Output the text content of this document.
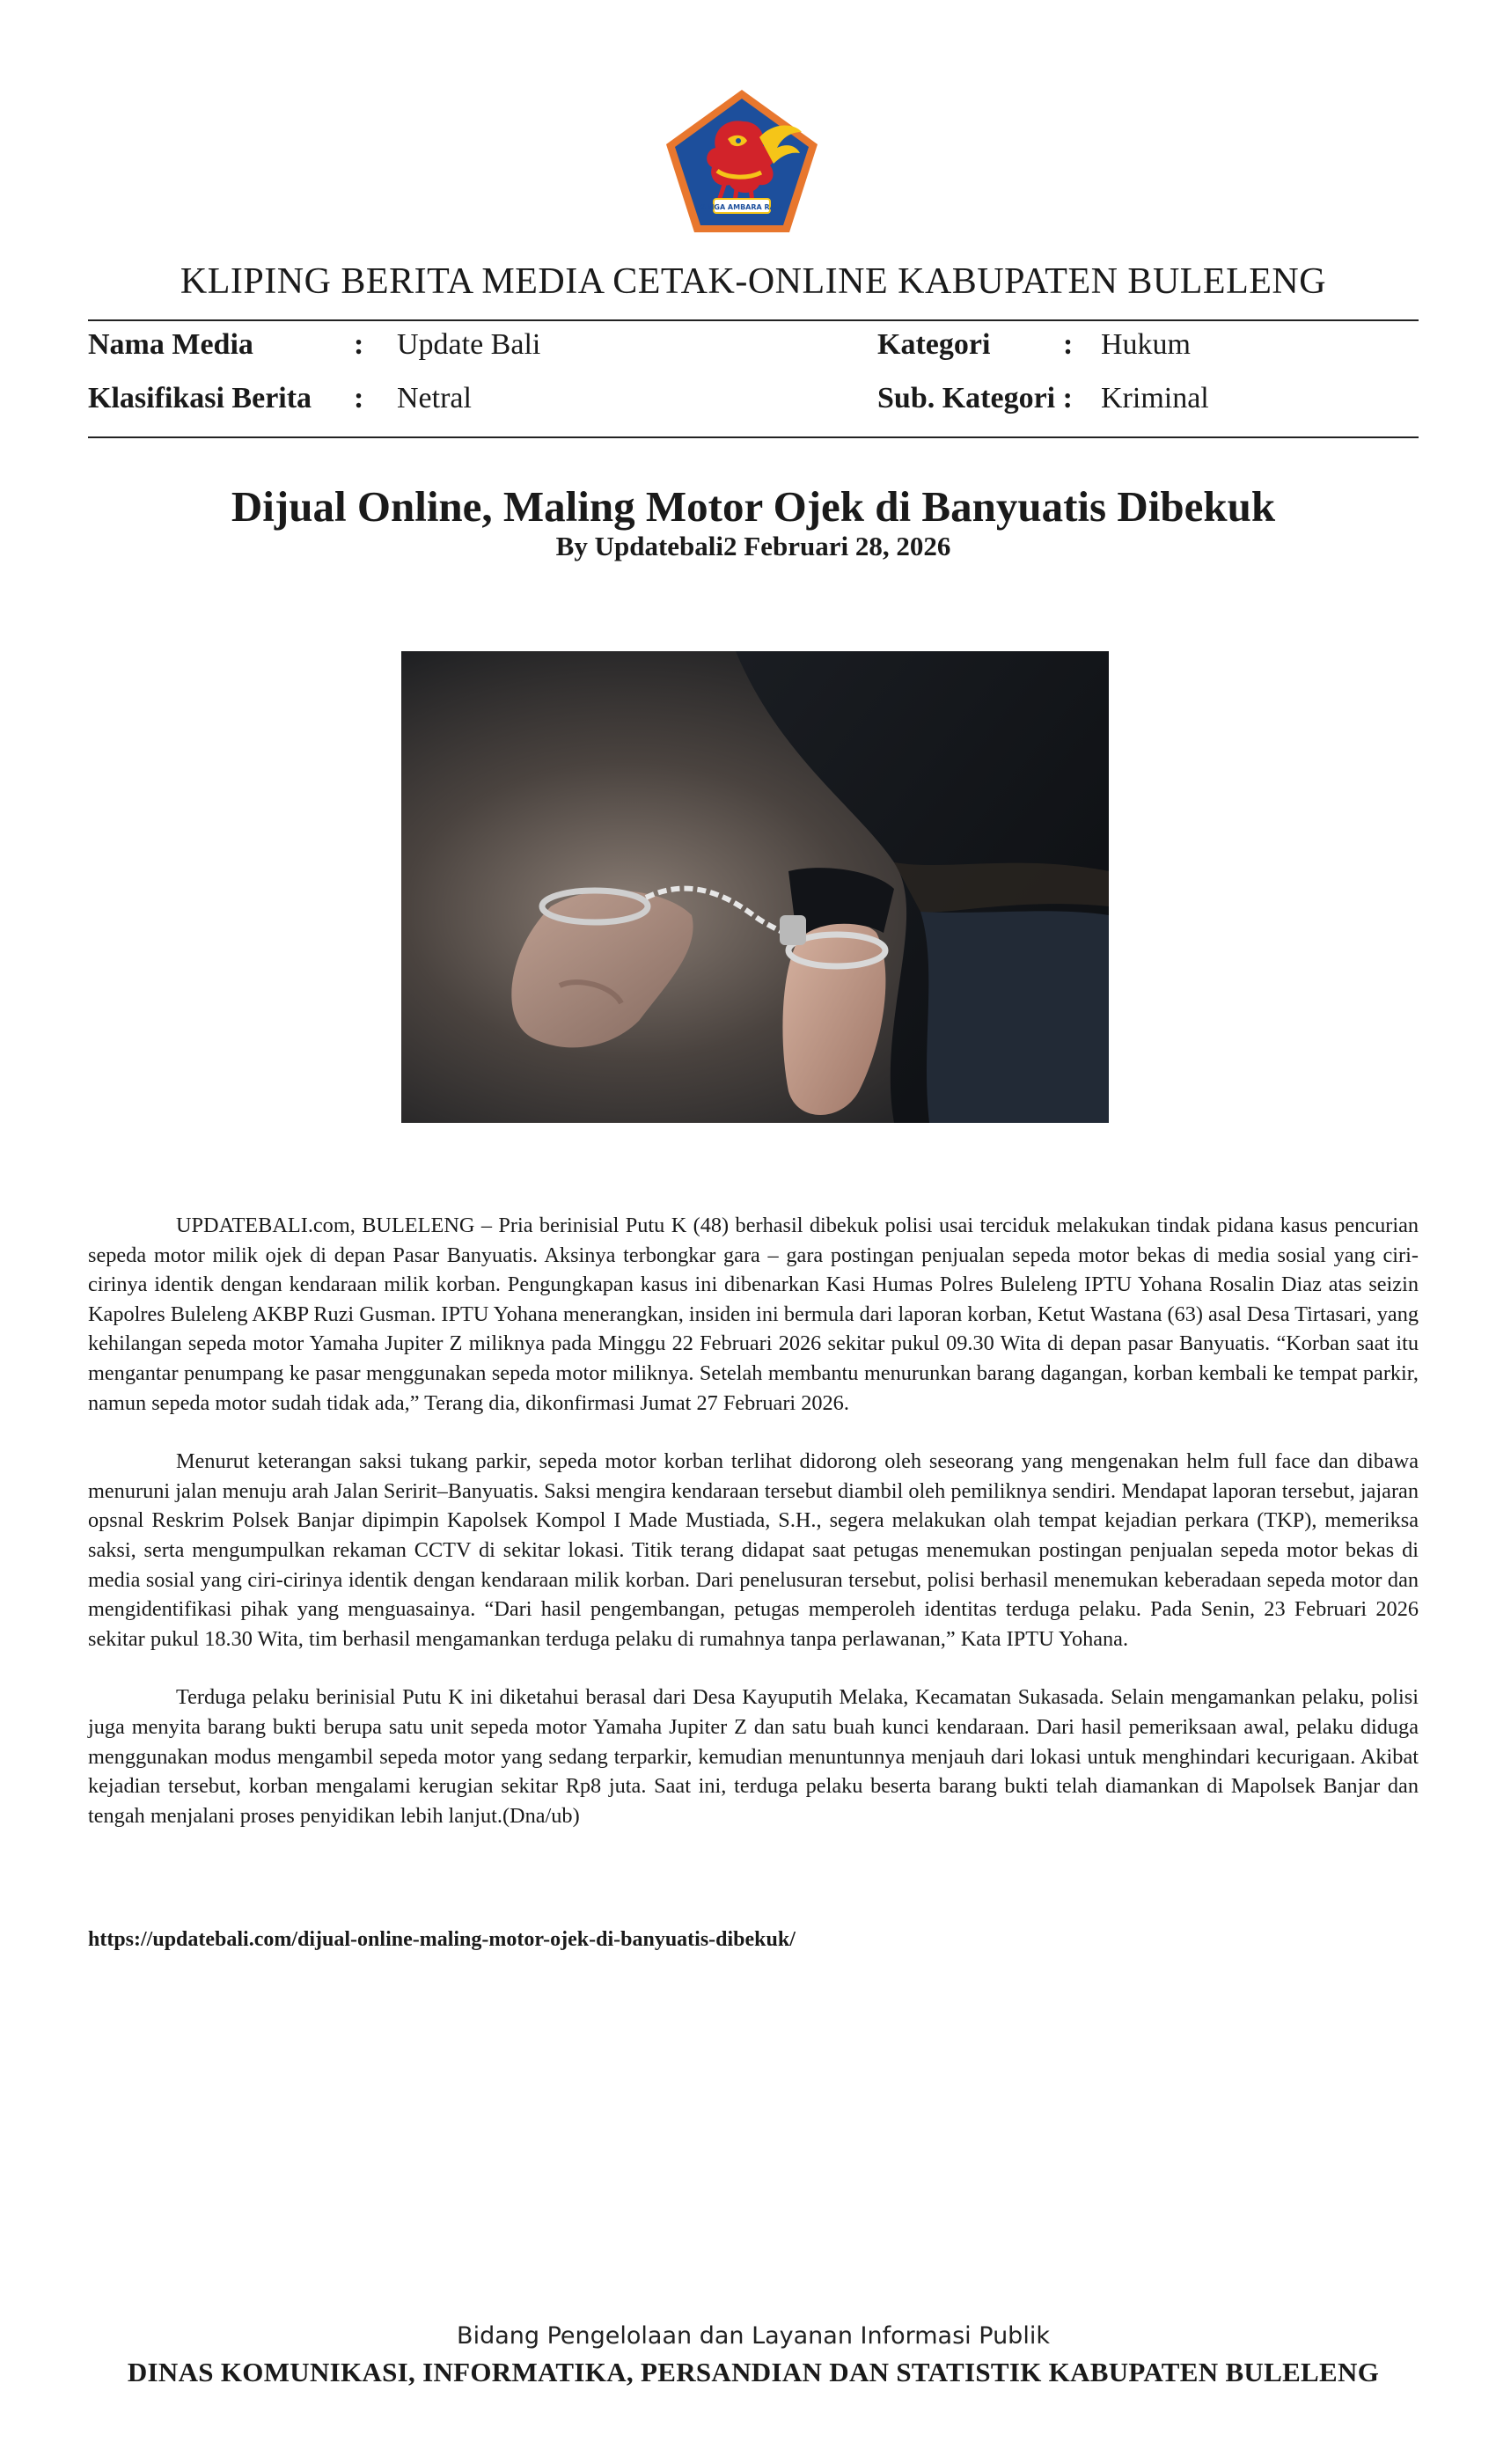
SINGA AMBARA RAJA
KLIPING BERITA MEDIA CETAK-ONLINE KABUPATEN BULELENG
Nama Media	: Update Bali	Kategori : Hukum
Klasifikasi Berita : Netral	Sub. Kategori : Kriminal
Dijual Online, Maling Motor Ojek di Banyuatis Dibekuk
By Updatebali2 Februari 28, 2026

UPDATEBALI.com, BULELENG – Pria berinisial Putu K (48) berhasil dibekuk polisi usai terciduk melakukan tindak pidana kasus pencurian sepeda motor milik ojek di depan Pasar Banyuatis. Aksinya terbongkar gara – gara postingan penjualan sepeda motor bekas di media sosial yang ciri-cirinya identik dengan kendaraan milik korban. Pengungkapan kasus ini dibenarkan Kasi Humas Polres Buleleng IPTU Yohana Rosalin Diaz atas seizin Kapolres Buleleng AKBP Ruzi Gusman. IPTU Yohana menerangkan, insiden ini bermula dari laporan korban, Ketut Wastana (63) asal Desa Tirtasari, yang kehilangan sepeda motor Yamaha Jupiter Z miliknya pada Minggu 22 Februari 2026 sekitar pukul 09.30 Wita di depan pasar Banyuatis. “Korban saat itu mengantar penumpang ke pasar menggunakan sepeda motor miliknya. Setelah membantu menurunkan barang dagangan, korban kembali ke tempat parkir, namun sepeda motor sudah tidak ada,” Terang dia, dikonfirmasi Jumat 27 Februari 2026.

Menurut keterangan saksi tukang parkir, sepeda motor korban terlihat didorong oleh seseorang yang mengenakan helm full face dan dibawa menuruni jalan menuju arah Jalan Seririt–Banyuatis. Saksi mengira kendaraan tersebut diambil oleh pemiliknya sendiri. Mendapat laporan tersebut, jajaran opsnal Reskrim Polsek Banjar dipimpin Kapolsek Kompol I Made Mustiada, S.H., segera melakukan olah tempat kejadian perkara (TKP), memeriksa saksi, serta mengumpulkan rekaman CCTV di sekitar lokasi. Titik terang didapat saat petugas menemukan postingan penjualan sepeda motor bekas di media sosial yang ciri-cirinya identik dengan kendaraan milik korban. Dari penelusuran tersebut, polisi berhasil menemukan keberadaan sepeda motor dan mengidentifikasi pihak yang menguasainya. “Dari hasil pengembangan, petugas memperoleh identitas terduga pelaku. Pada Senin, 23 Februari 2026 sekitar pukul 18.30 Wita, tim berhasil mengamankan terduga pelaku di rumahnya tanpa perlawanan,” Kata IPTU Yohana.

Terduga pelaku berinisial Putu K ini diketahui berasal dari Desa Kayuputih Melaka, Kecamatan Sukasada. Selain mengamankan pelaku, polisi juga menyita barang bukti berupa satu unit sepeda motor Yamaha Jupiter Z dan satu buah kunci kendaraan. Dari hasil pemeriksaan awal, pelaku diduga menggunakan modus mengambil sepeda motor yang sedang terparkir, kemudian menuntunnya menjauh dari lokasi untuk menghindari kecurigaan. Akibat kejadian tersebut, korban mengalami kerugian sekitar Rp8 juta. Saat ini, terduga pelaku beserta barang bukti telah diamankan di Mapolsek Banjar dan tengah menjalani proses penyidikan lebih lanjut.(Dna/ub)

https://updatebali.com/dijual-online-maling-motor-ojek-di-banyuatis-dibekuk/
Bidang Pengelolaan dan Layanan Informasi Publik
DINAS KOMUNIKASI, INFORMATIKA, PERSANDIAN DAN STATISTIK KABUPATEN BULELENG
